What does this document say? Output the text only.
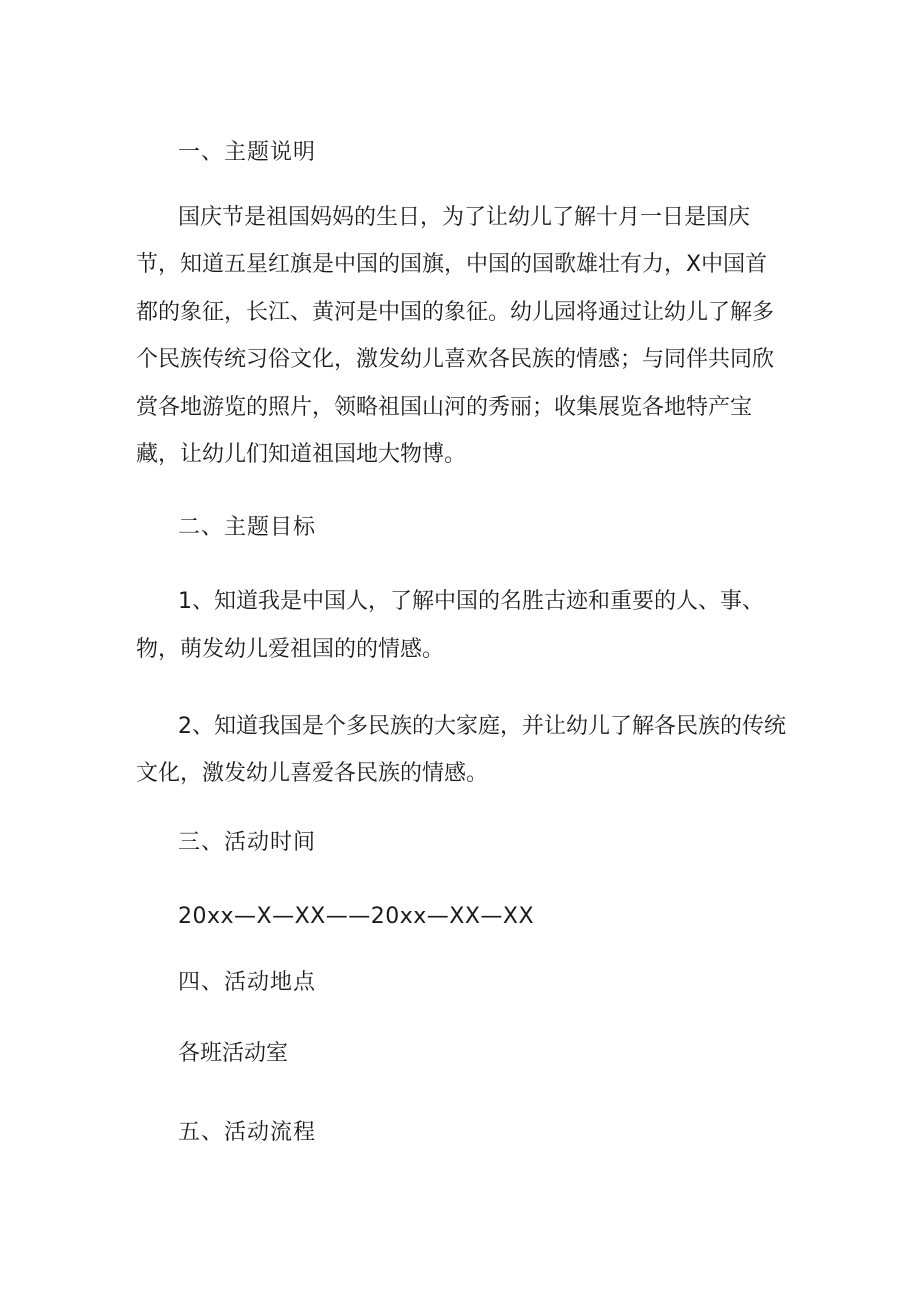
一、主题说明

国庆节是祖国妈妈的生日，为了让幼儿了解十月一日是国庆

节，知道五星红旗是中国的国旗，中国的国歌雄壮有力，X中国首

都的象征，长江、黄河是中国的象征。幼儿园将通过让幼儿了解多

个民族传统习俗文化，激发幼儿喜欢各民族的情感；与同伴共同欣

赏各地游览的照片，领略祖国山河的秀丽；收集展览各地特产宝

藏，让幼儿们知道祖国地大物博。

二、主题目标

1、知道我是中国人，了解中国的名胜古迹和重要的人、事、

物，萌发幼儿爱祖国的的情感。

2、知道我国是个多民族的大家庭，并让幼儿了解各民族的传统

文化，激发幼儿喜爱各民族的情感。

三、活动时间

20xx—X—XX——20xx—XX—XX

四、活动地点

各班活动室

五、活动流程
